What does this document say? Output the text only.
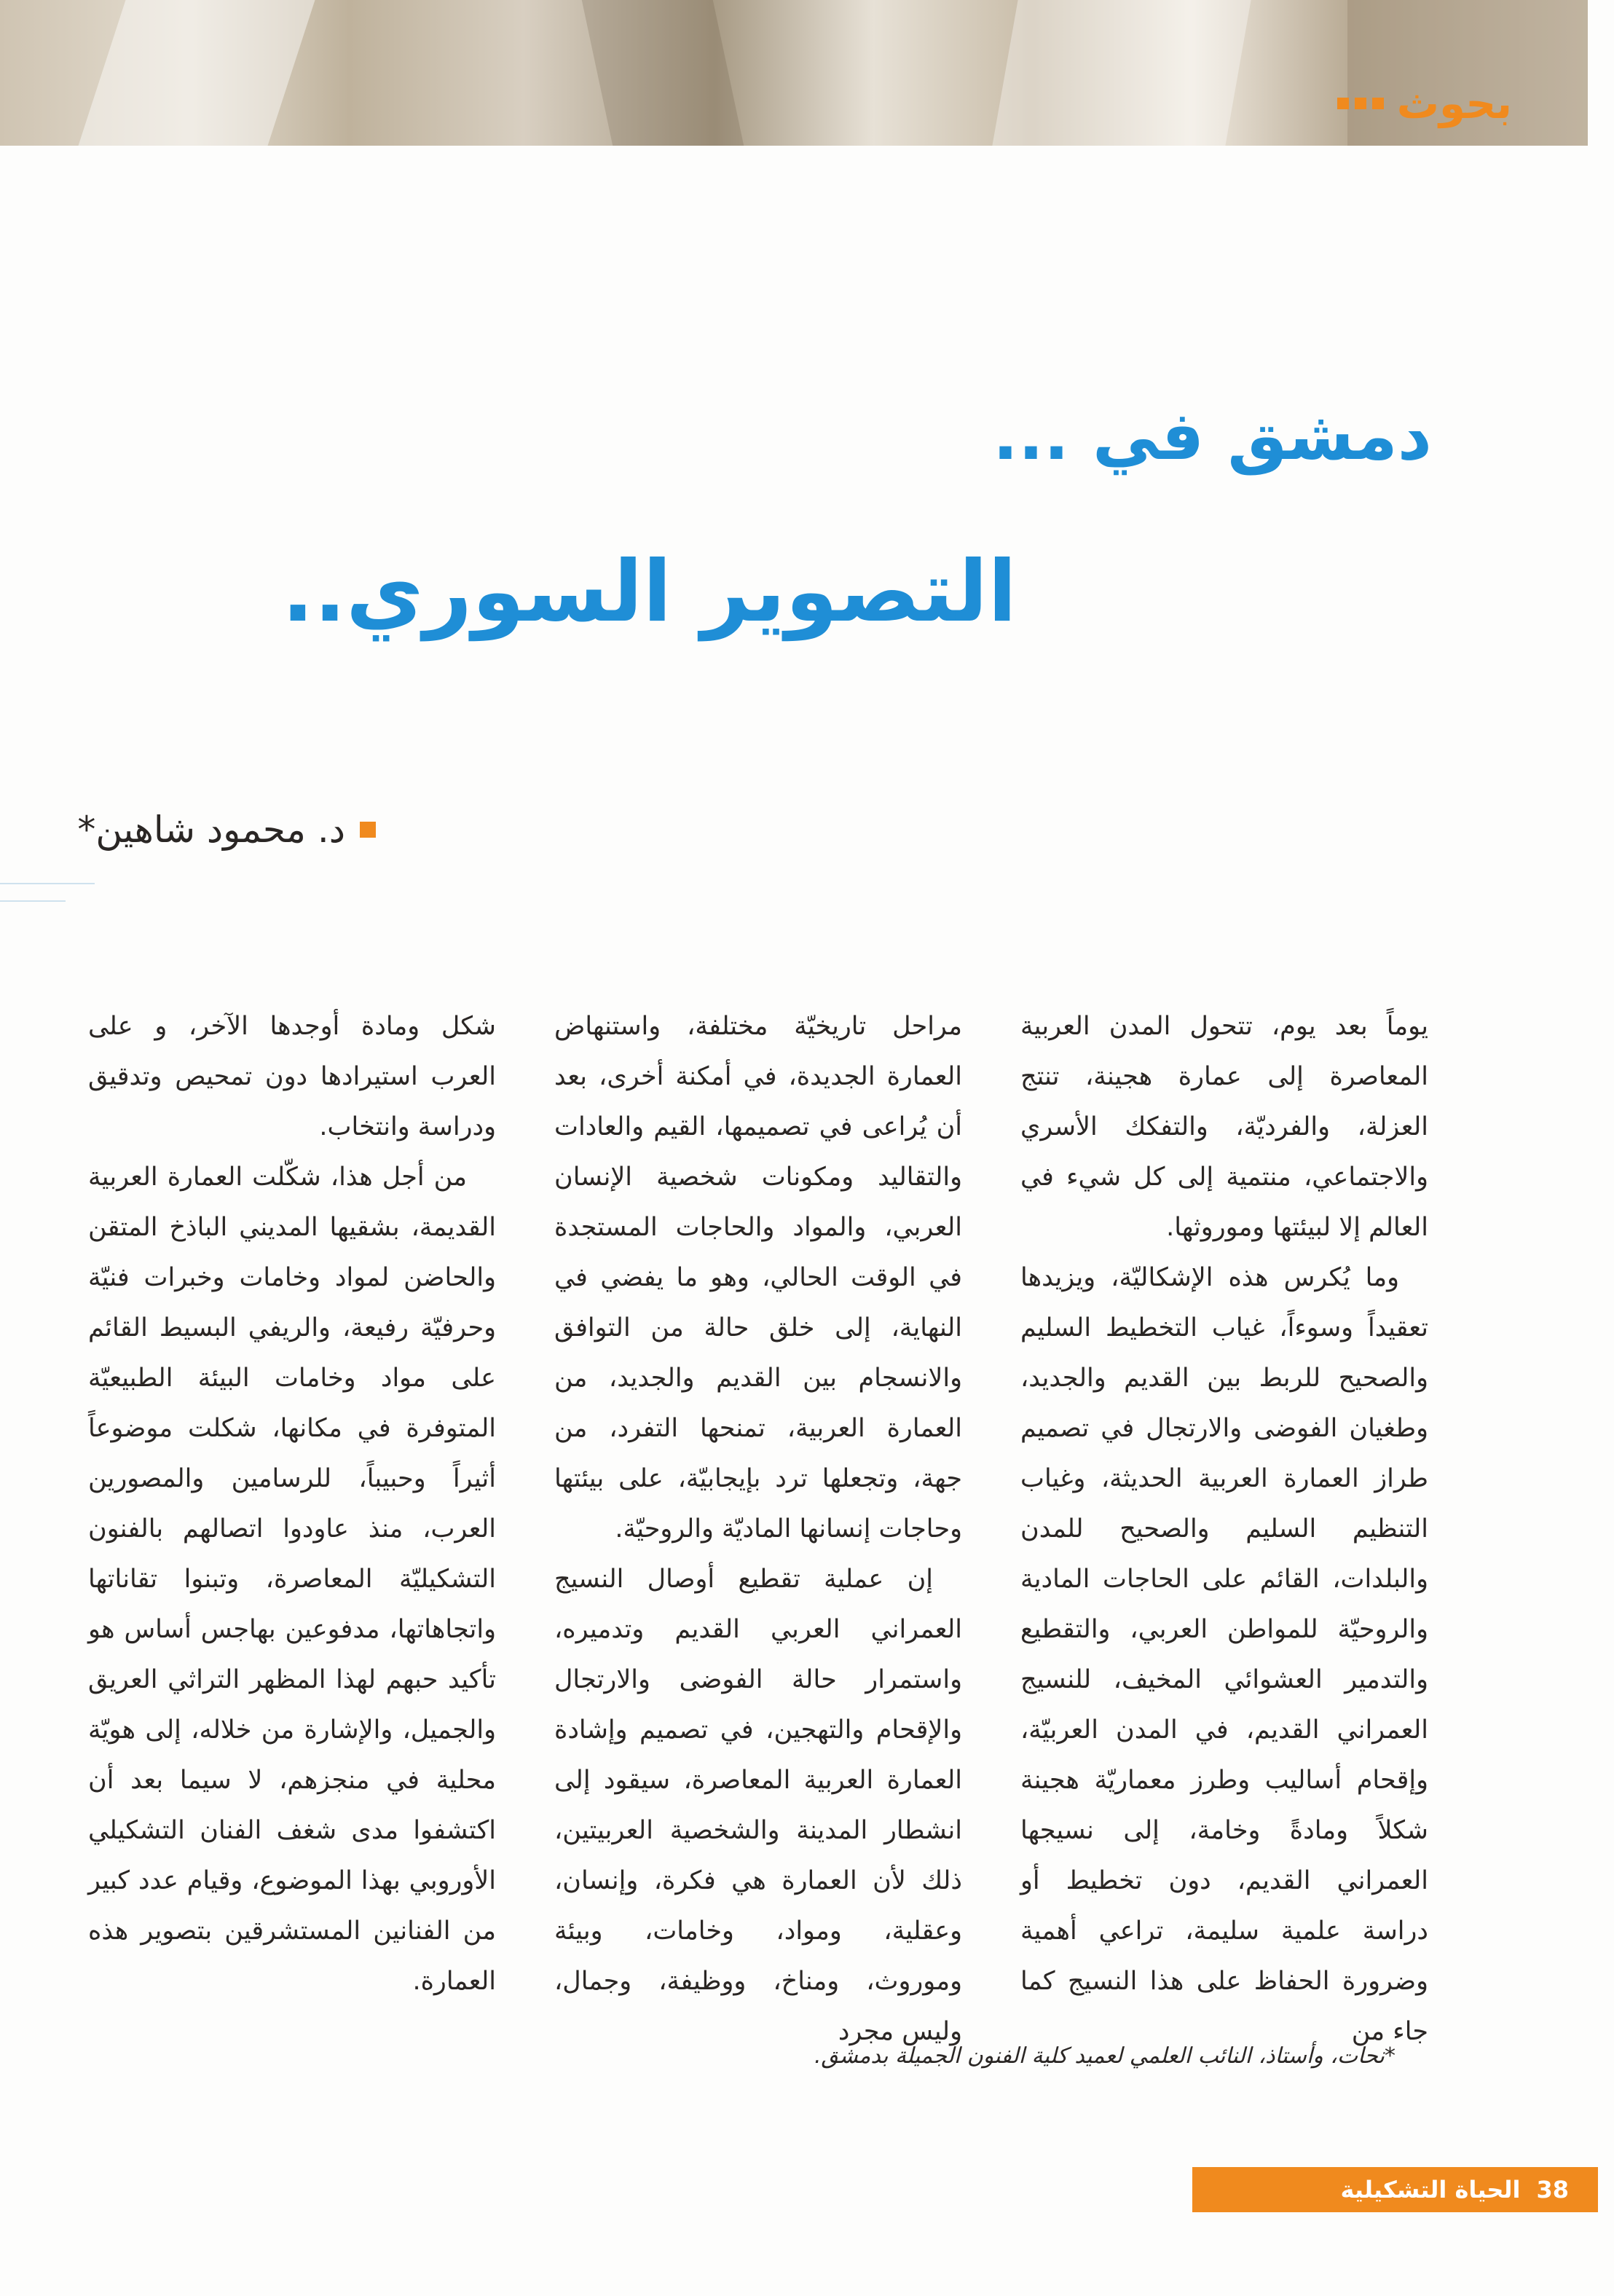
بحوث
دمشق في ...
التصوير السوري..
د. محمود شاهين*

يوماً بعد يوم، تتحول المدن العربية المعاصرة إلى عمارة هجينة، تنتج العزلة، والفرديّة، والتفكك الأسري والاجتماعي، منتمية إلى كل شيء في العالم إلا لبيئتها وموروثها.

وما يُكرس هذه الإشكاليّة، ويزيدها تعقيداً وسوءاً، غياب التخطيط السليم والصحيح للربط بين القديم والجديد، وطغيان الفوضى والارتجال في تصميم طراز العمارة العربية الحديثة، وغياب التنظيم السليم والصحيح للمدن والبلدات، القائم على الحاجات المادية والروحيّة للمواطن العربي، والتقطيع والتدمير العشوائي المخيف، للنسيج العمراني القديم، في المدن العربيّة، وإقحام أساليب وطرز معماريّة هجينة شكلاً ومادةً وخامة، إلى نسيجها العمراني القديم، دون تخطيط أو دراسة علمية سليمة، تراعي أهمية وضرورة الحفاظ على هذا النسيج كما جاء من

مراحل تاريخيّة مختلفة، واستنهاض العمارة الجديدة، في أمكنة أخرى، بعد أن يُراعى في تصميمها، القيم والعادات والتقاليد ومكونات شخصية الإنسان العربي، والمواد والحاجات المستجدة في الوقت الحالي، وهو ما يفضي في النهاية، إلى خلق حالة من التوافق والانسجام بين القديم والجديد، من العمارة العربية، تمنحها التفرد، من جهة، وتجعلها ترد بإيجابيّة، على بيئتها وحاجات إنسانها الماديّة والروحيّة.

إن عملية تقطيع أوصال النسيج العمراني العربي القديم وتدميره، واستمرار حالة الفوضى والارتجال والإقحام والتهجين، في تصميم وإشادة العمارة العربية المعاصرة، سيقود إلى انشطار المدينة والشخصية العربيتين، ذلك لأن العمارة هي فكرة، وإنسان، وعقلية، ومواد، وخامات، وبيئة وموروث، ومناخ، ووظيفة، وجمال، وليس مجرد

شكل ومادة أوجدها الآخر، و على العرب استيرادها دون تمحيص وتدقيق ودراسة وانتخاب.

من أجل هذا، شكّلت العمارة العربية القديمة، بشقيها المديني الباذخ المتقن والحاضن لمواد وخامات وخبرات فنيّة وحرفيّة رفيعة، والريفي البسيط القائم على مواد وخامات البيئة الطبيعيّة المتوفرة في مكانها، شكلت موضوعاً أثيراً وحبيباً، للرسامين والمصورين العرب، منذ عاودوا اتصالهم بالفنون التشكيليّة المعاصرة، وتبنوا تقاناتها واتجاهاتها، مدفوعين بهاجس أساس هو تأكيد حبهم لهذا المظهر التراثي العريق والجميل، والإشارة من خلاله، إلى هويّة محلية في منجزهم، لا سيما بعد أن اكتشفوا مدى شغف الفنان التشكيلي الأوروبي بهذا الموضوع، وقيام عدد كبير من الفنانين المستشرقين بتصوير هذه العمارة.

*نحات، وأستاذ، النائب العلمي لعميد كلية الفنون الجميلة بدمشق.

38
الحياة التشكيلية
